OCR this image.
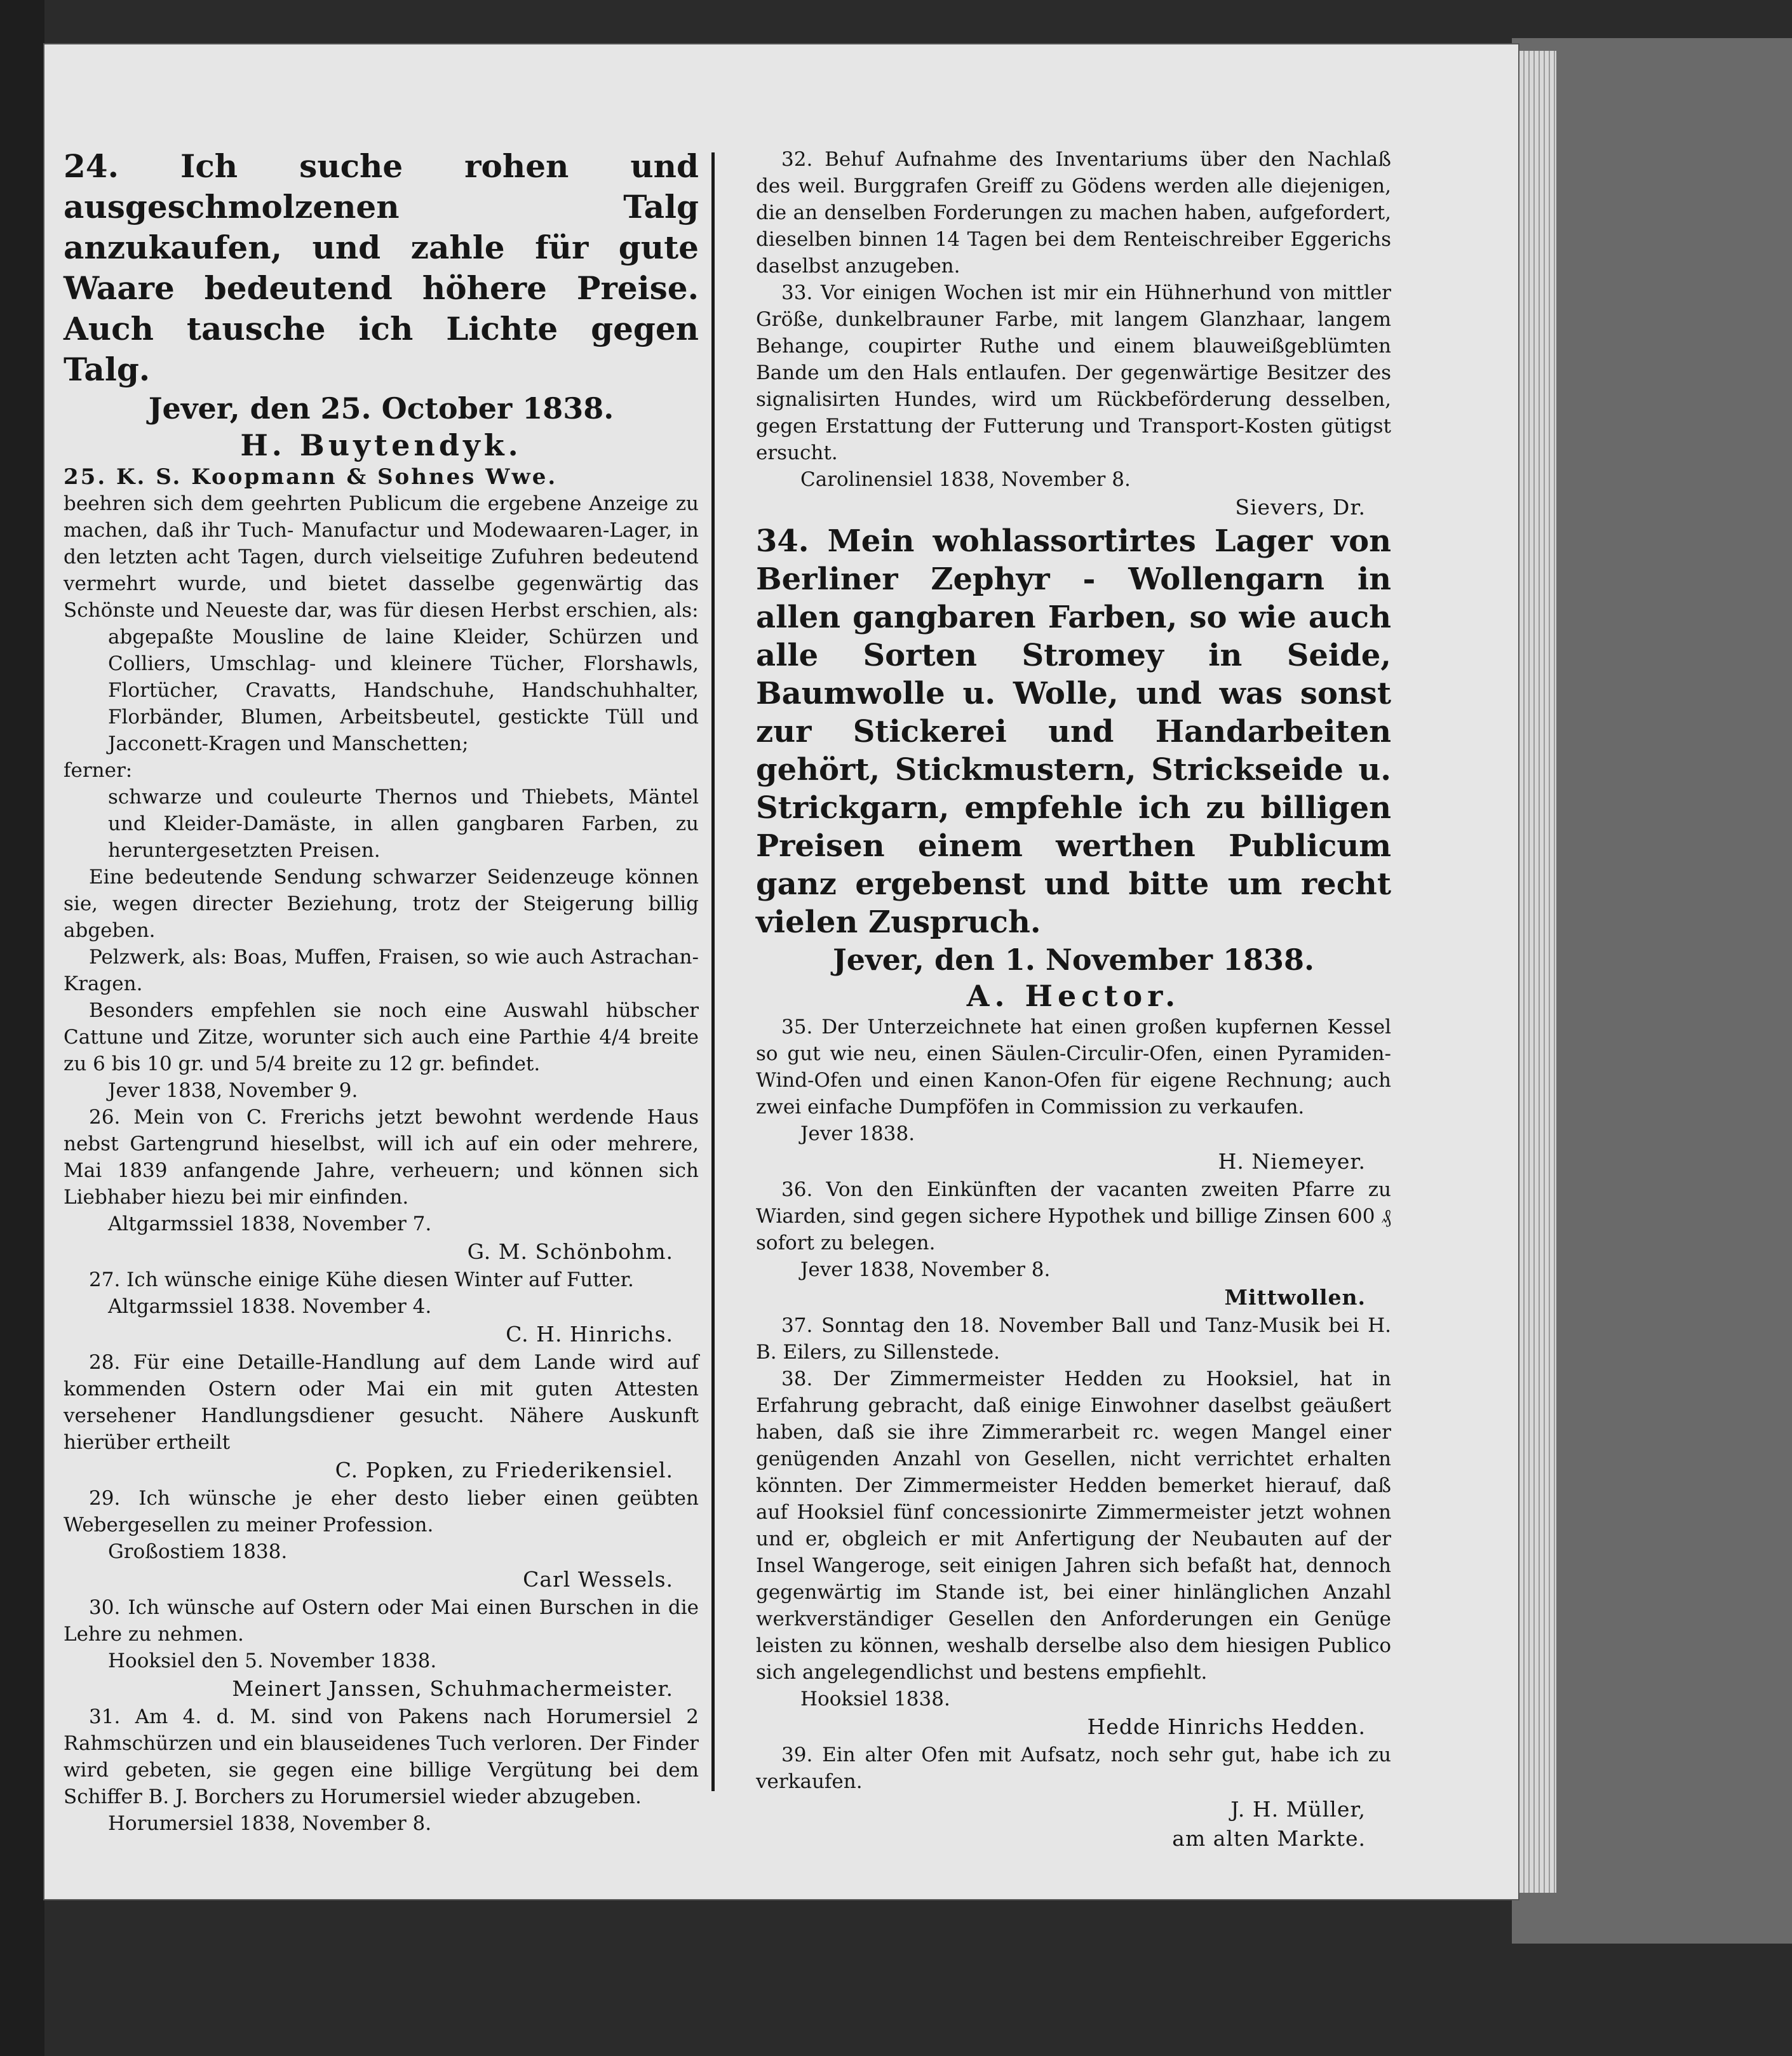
24. Ich suche rohen und ausgeschmolzenen Talg anzukaufen, und zahle für gute Waare bedeutend höhere Preise. Auch tausche ich Lichte gegen Talg.

Jever, den 25. October 1838.

H. Buytendyk.

25. K. S. Koopmann & Sohnes Wwe.

beehren sich dem geehrten Publicum die ergebene Anzeige zu machen, daß ihr Tuch- Manufactur und Modewaaren-Lager, in den letzten acht Tagen, durch vielseitige Zufuhren bedeutend vermehrt wurde, und bietet dasselbe gegenwärtig das Schönste und Neueste dar, was für diesen Herbst erschien, als:

abgepaßte Mousline de laine Kleider, Schürzen und Colliers, Umschlag- und kleinere Tücher, Florshawls, Flortücher, Cravatts, Handschuhe, Handschuhhalter, Florbänder, Blumen, Arbeitsbeutel, gestickte Tüll und Jacconett-Kragen und Manschetten;

ferner:

schwarze und couleurte Thernos und Thiebets, Mäntel und Kleider-Damäste, in allen gangbaren Farben, zu heruntergesetzten Preisen.

Eine bedeutende Sendung schwarzer Seidenzeuge können sie, wegen directer Beziehung, trotz der Steigerung billig abgeben.

Pelzwerk, als: Boas, Muffen, Fraisen, so wie auch Astrachan-Kragen.

Besonders empfehlen sie noch eine Auswahl hübscher Cattune und Zitze, worunter sich auch eine Parthie 4/4 breite zu 6 bis 10 gr. und 5/4 breite zu 12 gr. befindet.

Jever 1838, November 9.

26. Mein von C. Frerichs jetzt bewohnt werdende Haus nebst Gartengrund hieselbst, will ich auf ein oder mehrere, Mai 1839 anfangende Jahre, verheuern; und können sich Liebhaber hiezu bei mir einfinden.

Altgarmssiel 1838, November 7.

G. M. Schönbohm.

27. Ich wünsche einige Kühe diesen Winter auf Futter.

Altgarmssiel 1838. November 4.

C. H. Hinrichs.

28. Für eine Detaille-Handlung auf dem Lande wird auf kommenden Ostern oder Mai ein mit guten Attesten versehener Handlungsdiener gesucht. Nähere Auskunft hierüber ertheilt

C. Popken, zu Friederikensiel.

29. Ich wünsche je eher desto lieber einen geübten Webergesellen zu meiner Profession.

Großostiem 1838.

Carl Wessels.

30. Ich wünsche auf Ostern oder Mai einen Burschen in die Lehre zu nehmen.

Hooksiel den 5. November 1838.

Meinert Janssen, Schuhmachermeister.

31. Am 4. d. M. sind von Pakens nach Horumersiel 2 Rahmschürzen und ein blauseidenes Tuch verloren. Der Finder wird gebeten, sie gegen eine billige Vergütung bei dem Schiffer B. J. Borchers zu Horumersiel wieder abzugeben.

Horumersiel 1838, November 8.

32. Behuf Aufnahme des Inventariums über den Nachlaß des weil. Burggrafen Greiff zu Gödens werden alle diejenigen, die an denselben Forderungen zu machen haben, aufgefordert, dieselben binnen 14 Tagen bei dem Renteischreiber Eggerichs daselbst anzugeben.

33. Vor einigen Wochen ist mir ein Hühnerhund von mittler Größe, dunkelbrauner Farbe, mit langem Glanzhaar, langem Behange, coupirter Ruthe und einem blauweißgeblümten Bande um den Hals entlaufen. Der gegenwärtige Besitzer des signalisirten Hundes, wird um Rückbeförderung desselben, gegen Erstattung der Futterung und Transport-Kosten gütigst ersucht.

Carolinensiel 1838, November 8.

Sievers, Dr.

34. Mein wohlassortirtes Lager von Berliner Zephyr - Wollengarn in allen gangbaren Farben, so wie auch alle Sorten Stromey in Seide, Baumwolle u. Wolle, und was sonst zur Stickerei und Handarbeiten gehört, Stickmustern, Strickseide u. Strickgarn, empfehle ich zu billigen Preisen einem werthen Publicum ganz ergebenst und bitte um recht vielen Zuspruch.

Jever, den 1. November 1838.

A. Hector.

35. Der Unterzeichnete hat einen großen kupfernen Kessel so gut wie neu, einen Säulen-Circulir-Ofen, einen Pyramiden-Wind-Ofen und einen Kanon-Ofen für eigene Rechnung; auch zwei einfache Dumpföfen in Commission zu verkaufen.

Jever 1838.

H. Niemeyer.

36. Von den Einkünften der vacanten zweiten Pfarre zu Wiarden, sind gegen sichere Hypothek und billige Zinsen 600 ₰ sofort zu belegen.

Jever 1838, November 8.

Mittwollen.

37. Sonntag den 18. November Ball und Tanz-Musik bei H. B. Eilers, zu Sillenstede.

38. Der Zimmermeister Hedden zu Hooksiel, hat in Erfahrung gebracht, daß einige Einwohner daselbst geäußert haben, daß sie ihre Zimmerarbeit rc. wegen Mangel einer genügenden Anzahl von Gesellen, nicht verrichtet erhalten könnten. Der Zimmermeister Hedden bemerket hierauf, daß auf Hooksiel fünf concessionirte Zimmermeister jetzt wohnen und er, obgleich er mit Anfertigung der Neubauten auf der Insel Wangeroge, seit einigen Jahren sich befaßt hat, dennoch gegenwärtig im Stande ist, bei einer hinlänglichen Anzahl werkverständiger Gesellen den Anforderungen ein Genüge leisten zu können, weshalb derselbe also dem hiesigen Publico sich angelegendlichst und bestens empfiehlt.

Hooksiel 1838.

Hedde Hinrichs Hedden.

39. Ein alter Ofen mit Aufsatz, noch sehr gut, habe ich zu verkaufen.

J. H. Müller,

am alten Markte.
